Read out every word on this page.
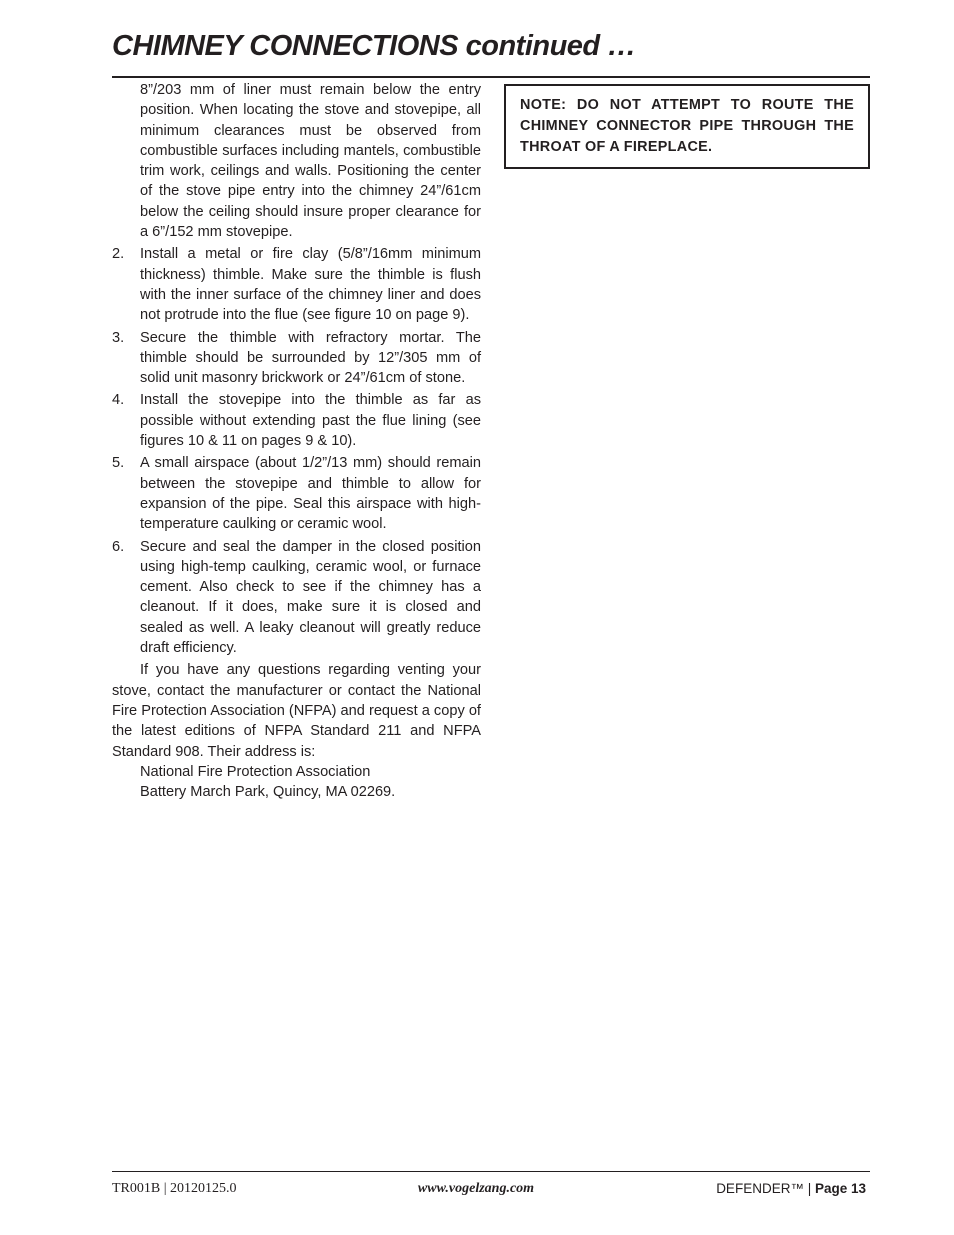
CHIMNEY CONNECTIONS continued …

8”/203 mm of liner must remain below the entry position. When locating the stove and stovepipe, all minimum clearances must be observed from combustible surfaces including mantels, combustible trim work, ceilings and walls. Positioning the center of the stove pipe entry into the chimney 24”/61cm below the ceiling should insure proper clearance for a 6”/152 mm stovepipe.

2. Install a metal or fire clay (5/8”/16mm minimum thickness) thimble. Make sure the thimble is flush with the inner surface of the chimney liner and does not protrude into the flue (see figure 10 on page 9).
3. Secure the thimble with refractory mortar. The thimble should be surrounded by 12”/305 mm of solid unit masonry brickwork or 24”/61cm of stone.
4. Install the stovepipe into the thimble as far as possible without extending past the flue lining (see figures 10 & 11 on pages 9 & 10).
5. A small airspace (about 1/2”/13 mm) should remain between the stovepipe and thimble to allow for expansion of the pipe. Seal this airspace with high-temperature caulking or ceramic wool.
6. Secure and seal the damper in the closed position using high-temp caulking, ceramic wool, or furnace cement. Also check to see if the chimney has a cleanout. If it does, make sure it is closed and sealed as well. A leaky cleanout will greatly reduce draft efficiency.

If you have any questions regarding venting your stove, contact the manufacturer or contact the National Fire Protection Association (NFPA) and request a copy of the latest editions of NFPA Standard 211 and NFPA Standard 908. Their address is:

National Fire Protection Association

Battery March Park, Quincy, MA 02269.

NOTE: DO NOT ATTEMPT TO ROUTE THE CHIMNEY CONNECTOR PIPE THROUGH THE THROAT OF A FIREPLACE.
TR001B | 20120125.0	www.vogelzang.com	DEFENDER™ | Page 13
